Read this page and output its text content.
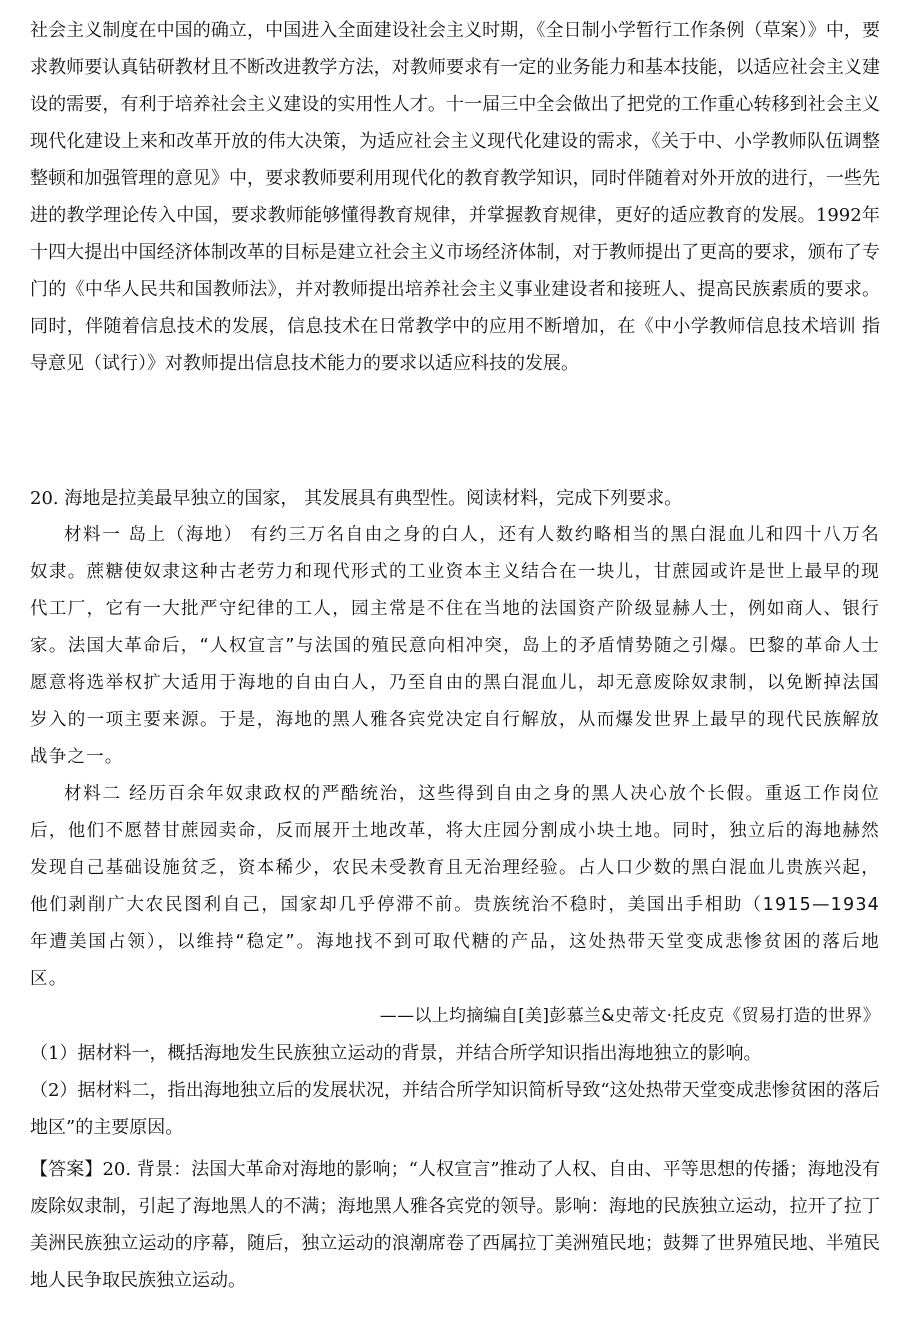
社会主义制度在中国的确立，中国进入全面建设社会主义时期，《全日制小学暂行工作条例（草案）》中，要求教师要认真钻研教材且不断改进教学方法，对教师要求有一定的业务能力和基本技能，以适应社会主义建设的需要，有利于培养社会主义建设的实用性人才。十一届三中全会做出了把党的工作重心转移到社会主义现代化建设上来和改革开放的伟大决策，为适应社会主义现代化建设的需求，《关于中、小学教师队伍调整整顿和加强管理的意见》中，要求教师要利用现代化的教育教学知识，同时伴随着对外开放的进行，一些先进的教学理论传入中国，要求教师能够懂得教育规律，并掌握教育规律，更好的适应教育的发展。1992年十四大提出中国经济体制改革的目标是建立社会主义市场经济体制，对于教师提出了更高的要求，颁布了专门的《中华人民共和国教师法》，并对教师提出培养社会主义事业建设者和接班人、提高民族素质的要求。同时，伴随着信息技术的发展，信息技术在日常教学中的应用不断增加，在《中小学教师信息技术培训 指导意见（试行）》对教师提出信息技术能力的要求以适应科技的发展。

20. 海地是拉美最早独立的国家， 其发展具有典型性。阅读材料，完成下列要求。

材料一 岛上（海地） 有约三万名自由之身的白人，还有人数约略相当的黑白混血儿和四十八万名奴隶。蔗糖使奴隶这种古老劳力和现代形式的工业资本主义结合在一块儿，甘蔗园或许是世上最早的现代工厂，它有一大批严守纪律的工人，园主常是不住在当地的法国资产阶级显赫人士，例如商人、银行家。法国大革命后，“人权宣言”与法国的殖民意向相冲突，岛上的矛盾情势随之引爆。巴黎的革命人士愿意将选举权扩大适用于海地的自由白人，乃至自由的黑白混血儿，却无意废除奴隶制，以免断掉法国岁入的一项主要来源。于是，海地的黑人雅各宾党决定自行解放，从而爆发世界上最早的现代民族解放战争之一。

材料二 经历百余年奴隶政权的严酷统治，这些得到自由之身的黑人决心放个长假。重返工作岗位后，他们不愿替甘蔗园卖命，反而展开土地改革，将大庄园分割成小块土地。同时，独立后的海地赫然发现自己基础设施贫乏，资本稀少，农民未受教育且无治理经验。占人口少数的黑白混血儿贵族兴起，他们剥削广大农民图利自己，国家却几乎停滞不前。贵族统治不稳时，美国出手相助（1915—1934 年遭美国占领），以维持“稳定”。海地找不到可取代糖的产品，这处热带天堂变成悲惨贫困的落后地区。

——以上均摘编自[美]彭慕兰&史蒂文·托皮克《贸易打造的世界》

（1）据材料一，概括海地发生民族独立运动的背景，并结合所学知识指出海地独立的影响。

（2）据材料二，指出海地独立后的发展状况，并结合所学知识简析导致“这处热带天堂变成悲惨贫困的落后地区”的主要原因。

【答案】20. 背景：法国大革命对海地的影响；“人权宣言”推动了人权、自由、平等思想的传播；海地没有废除奴隶制，引起了海地黑人的不满；海地黑人雅各宾党的领导。影响：海地的民族独立运动，拉开了拉丁美洲民族独立运动的序幕，随后，独立运动的浪潮席卷了西属拉丁美洲殖民地；鼓舞了世界殖民地、半殖民地人民争取民族独立运动。
